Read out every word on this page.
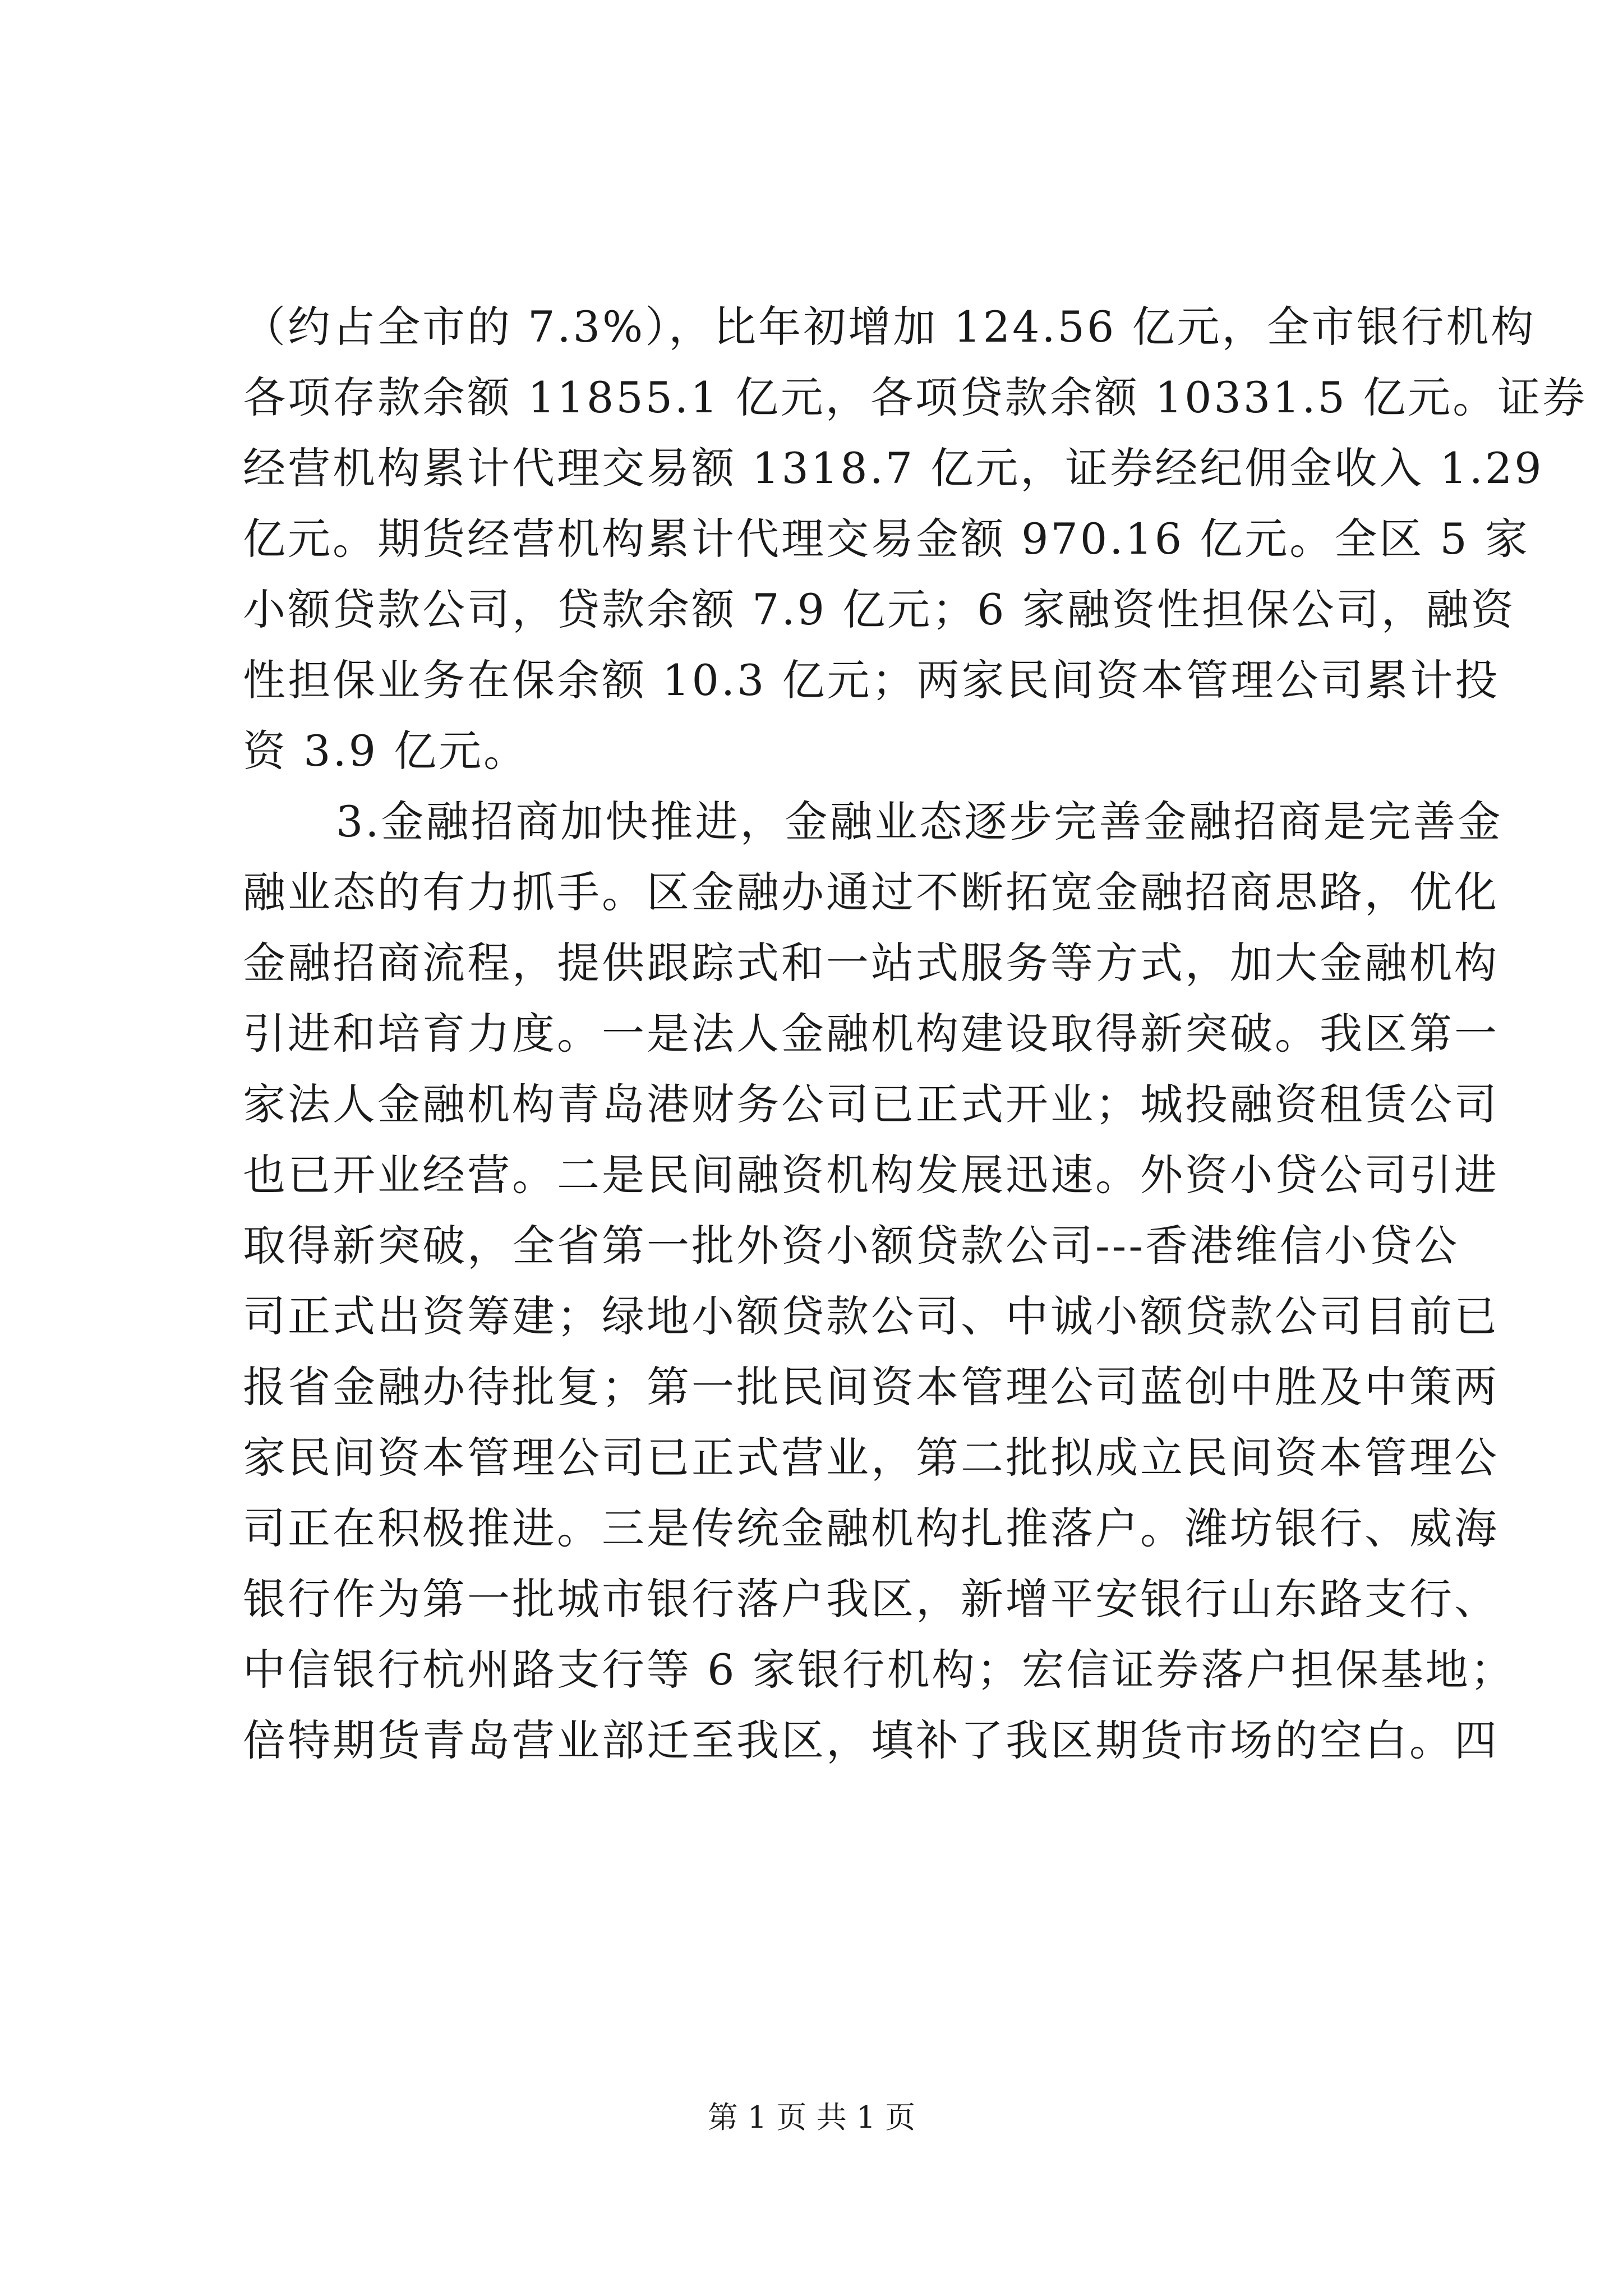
（约占全市的 7.3%），比年初增加 124.56 亿元，全市银行机构
各项存款余额 11855.1 亿元，各项贷款余额 10331.5 亿元。证券
经营机构累计代理交易额 1318.7 亿元，证券经纪佣金收入 1.29
亿元。期货经营机构累计代理交易金额 970.16 亿元。全区 5 家
小额贷款公司，贷款余额 7.9 亿元；6 家融资性担保公司，融资
性担保业务在保余额 10.3 亿元；两家民间资本管理公司累计投
资 3.9 亿元。
3.金融招商加快推进，金融业态逐步完善金融招商是完善金
融业态的有力抓手。区金融办通过不断拓宽金融招商思路，优化
金融招商流程，提供跟踪式和一站式服务等方式，加大金融机构
引进和培育力度。一是法人金融机构建设取得新突破。我区第一
家法人金融机构青岛港财务公司已正式开业；城投融资租赁公司
也已开业经营。二是民间融资机构发展迅速。外资小贷公司引进
取得新突破，全省第一批外资小额贷款公司---香港维信小贷公
司正式出资筹建；绿地小额贷款公司、中诚小额贷款公司目前已
报省金融办待批复；第一批民间资本管理公司蓝创中胜及中策两
家民间资本管理公司已正式营业，第二批拟成立民间资本管理公
司正在积极推进。三是传统金融机构扎推落户。潍坊银行、威海
银行作为第一批城市银行落户我区，新增平安银行山东路支行、
中信银行杭州路支行等 6 家银行机构；宏信证券落户担保基地；
倍特期货青岛营业部迁至我区，填补了我区期货市场的空白。四
第 1 页 共 1 页
